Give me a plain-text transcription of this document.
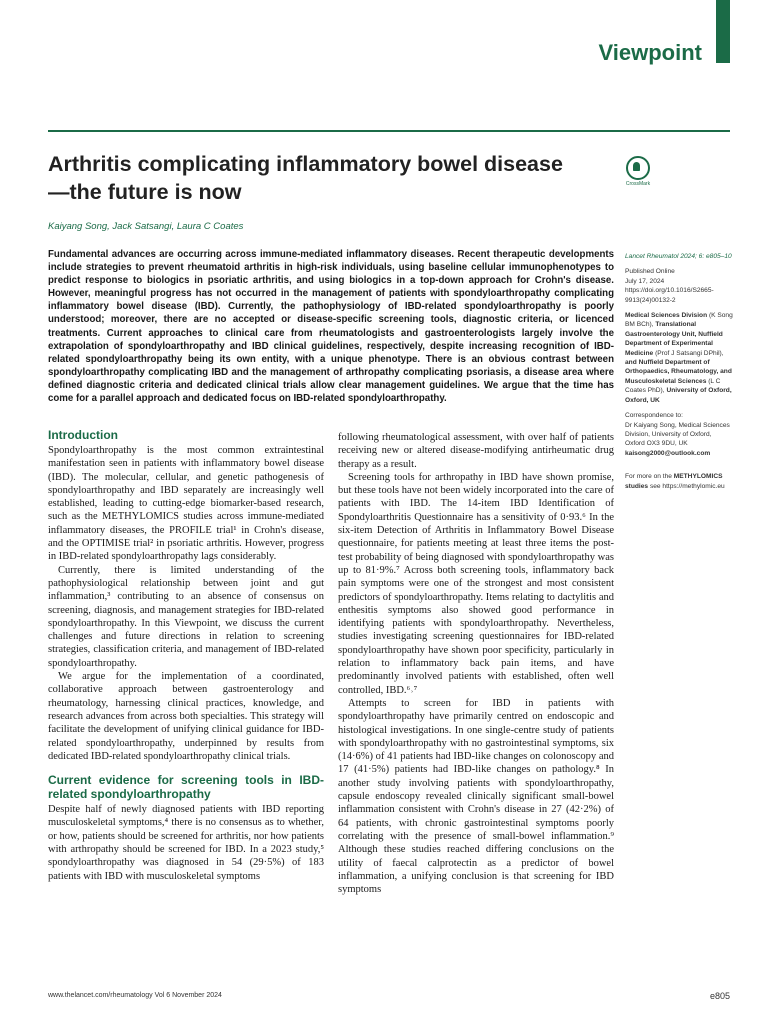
Viewpoint
Arthritis complicating inflammatory bowel disease—the future is now	CrossMark
Kaiyang Song, Jack Satsangi, Laura C Coates

Fundamental advances are occurring across immune-mediated inflammatory diseases. Recent therapeutic developments include strategies to prevent rheumatoid arthritis in high-risk individuals, using baseline cellular immunophenotypes to predict response to biologics in psoriatic arthritis, and using biologics in a top-down approach for Crohn's disease. However, meaningful progress has not occurred in the management of patients with spondyloarthropathy complicating inflammatory bowel disease (IBD). Currently, the pathophysiology of IBD-related spondyloarthropathy is poorly understood; moreover, there are no accepted or disease-specific screening tools, diagnostic criteria, or licenced treatments. Current approaches to clinical care from rheumatologists and gastroenterologists largely involve the extrapolation of spondyloarthropathy and IBD clinical guidelines, respectively, despite increasing recognition of IBD-related spondyloarthropathy being its own entity, with a unique phenotype. There is an obvious contrast between spondyloarthropathy complicating IBD and the management of arthropathy complicating psoriasis, a disease area where defined diagnostic criteria and dedicated clinical trials allow clear management guidelines. We argue that the time has come for a parallel approach and dedicated focus on IBD-related spondyloarthropathy.

Introduction

Spondyloarthropathy is the most common extraintestinal manifestation seen in patients with inflammatory bowel disease (IBD). The molecular, cellular, and genetic pathogenesis of spondyloarthropathy and IBD separately are increasingly well established, leading to cutting-edge biomarker-based research, such as the METHYLOMICS studies across immune-mediated inflammatory diseases, the PROFILE trial¹ in Crohn's disease, and the OPTIMISE trial² in psoriatic arthritis. However, progress in IBD-related spondyloarthropathy lags considerably.

Currently, there is limited understanding of the pathophysiological relationship between joint and gut inflammation,³ contributing to an absence of consensus on screening, diagnosis, and management strategies for IBD-related spondyloarthropathy. In this Viewpoint, we discuss the current challenges and future directions in relation to screening strategies, classification criteria, and management of IBD-related spondyloarthropathy.

We argue for the implementation of a coordinated, collaborative approach between gastroenterology and rheumatology, harnessing clinical practices, knowledge, and research advances from across both specialties. This strategy will facilitate the development of unifying clinical guidance for IBD-related spondyloarthropathy, underpinned by results from dedicated IBD-related spondyloarthropathy clinical trials.

Current evidence for screening tools in IBD-related spondyloarthropathy

Despite half of newly diagnosed patients with IBD reporting musculoskeletal symptoms,⁴ there is no consensus as to whether, or how, patients should be screened for arthritis, nor how patients with arthropathy should be screened for IBD. In a 2023 study,⁵ spondyloarthropathy was diagnosed in 54 (29·5%) of 183 patients with IBD with musculoskeletal symptoms

following rheumatological assessment, with over half of patients receiving new or altered disease-modifying antirheumatic drug therapy as a result.

Screening tools for arthropathy in IBD have shown promise, but these tools have not been widely incorporated into the care of patients with IBD. The 14-item IBD Identification of Spondyloarthritis Questionnaire has a sensitivity of 0·93.⁶ In the six-item Detection of Arthritis in Inflammatory Bowel Disease questionnaire, for patients meeting at least three items the post-test probability of being diagnosed with spondyloarthropathy was up to 81·9%.⁷ Across both screening tools, inflammatory back pain symptoms were one of the strongest and most consistent predictors of spondyloarthropathy. Items relating to dactylitis and enthesitis symptoms also showed good performance in identifying patients with spondyloarthropathy. Nevertheless, studies investigating screening questionnaires for IBD-related spondyloarthropathy have shown poor specificity, particularly in relation to inflammatory back pain items, and have predominantly involved patients with established, often well controlled, IBD.⁶˒⁷

Attempts to screen for IBD in patients with spondyloarthropathy have primarily centred on endoscopic and histological investigations. In one single-centre study of patients with spondyloarthropathy with no gastrointestinal symptoms, six (14·6%) of 41 patients had IBD-like changes on colonoscopy and 17 (41·5%) patients had IBD-like changes on pathology.⁸ In another study involving patients with spondyloarthropathy, capsule endoscopy revealed clinically significant small-bowel inflammation consistent with Crohn's disease in 27 (42·2%) of 64 patients, with chronic gastrointestinal symptoms poorly correlating with the presence of small-bowel inflammation.⁹ Although these studies reached differing conclusions on the utility of faecal calprotectin as a predictor of bowel inflammation, a unifying conclusion is that screening for IBD symptoms

Lancet Rheumatol 2024; 6: e805–10
Published Online
July 17, 2024
https://doi.org/10.1016/S2665-9913(24)00132-2
Medical Sciences Division (K Song BM BCh), Translational Gastroenterology Unit, Nuffield Department of Experimental Medicine (Prof J Satsangi DPhil), and Nuffield Department of Orthopaedics, Rheumatology, and Musculoskeletal Sciences (L C Coates PhD), University of Oxford, Oxford, UK
Correspondence to:
Dr Kaiyang Song, Medical Sciences Division, University of Oxford, Oxford OX3 9DU, UK
kaisong2000@outlook.com
For more on the METHYLOMICS studies see https://methylomic.eu
www.thelancet.com/rheumatology Vol 6 November 2024	e805
